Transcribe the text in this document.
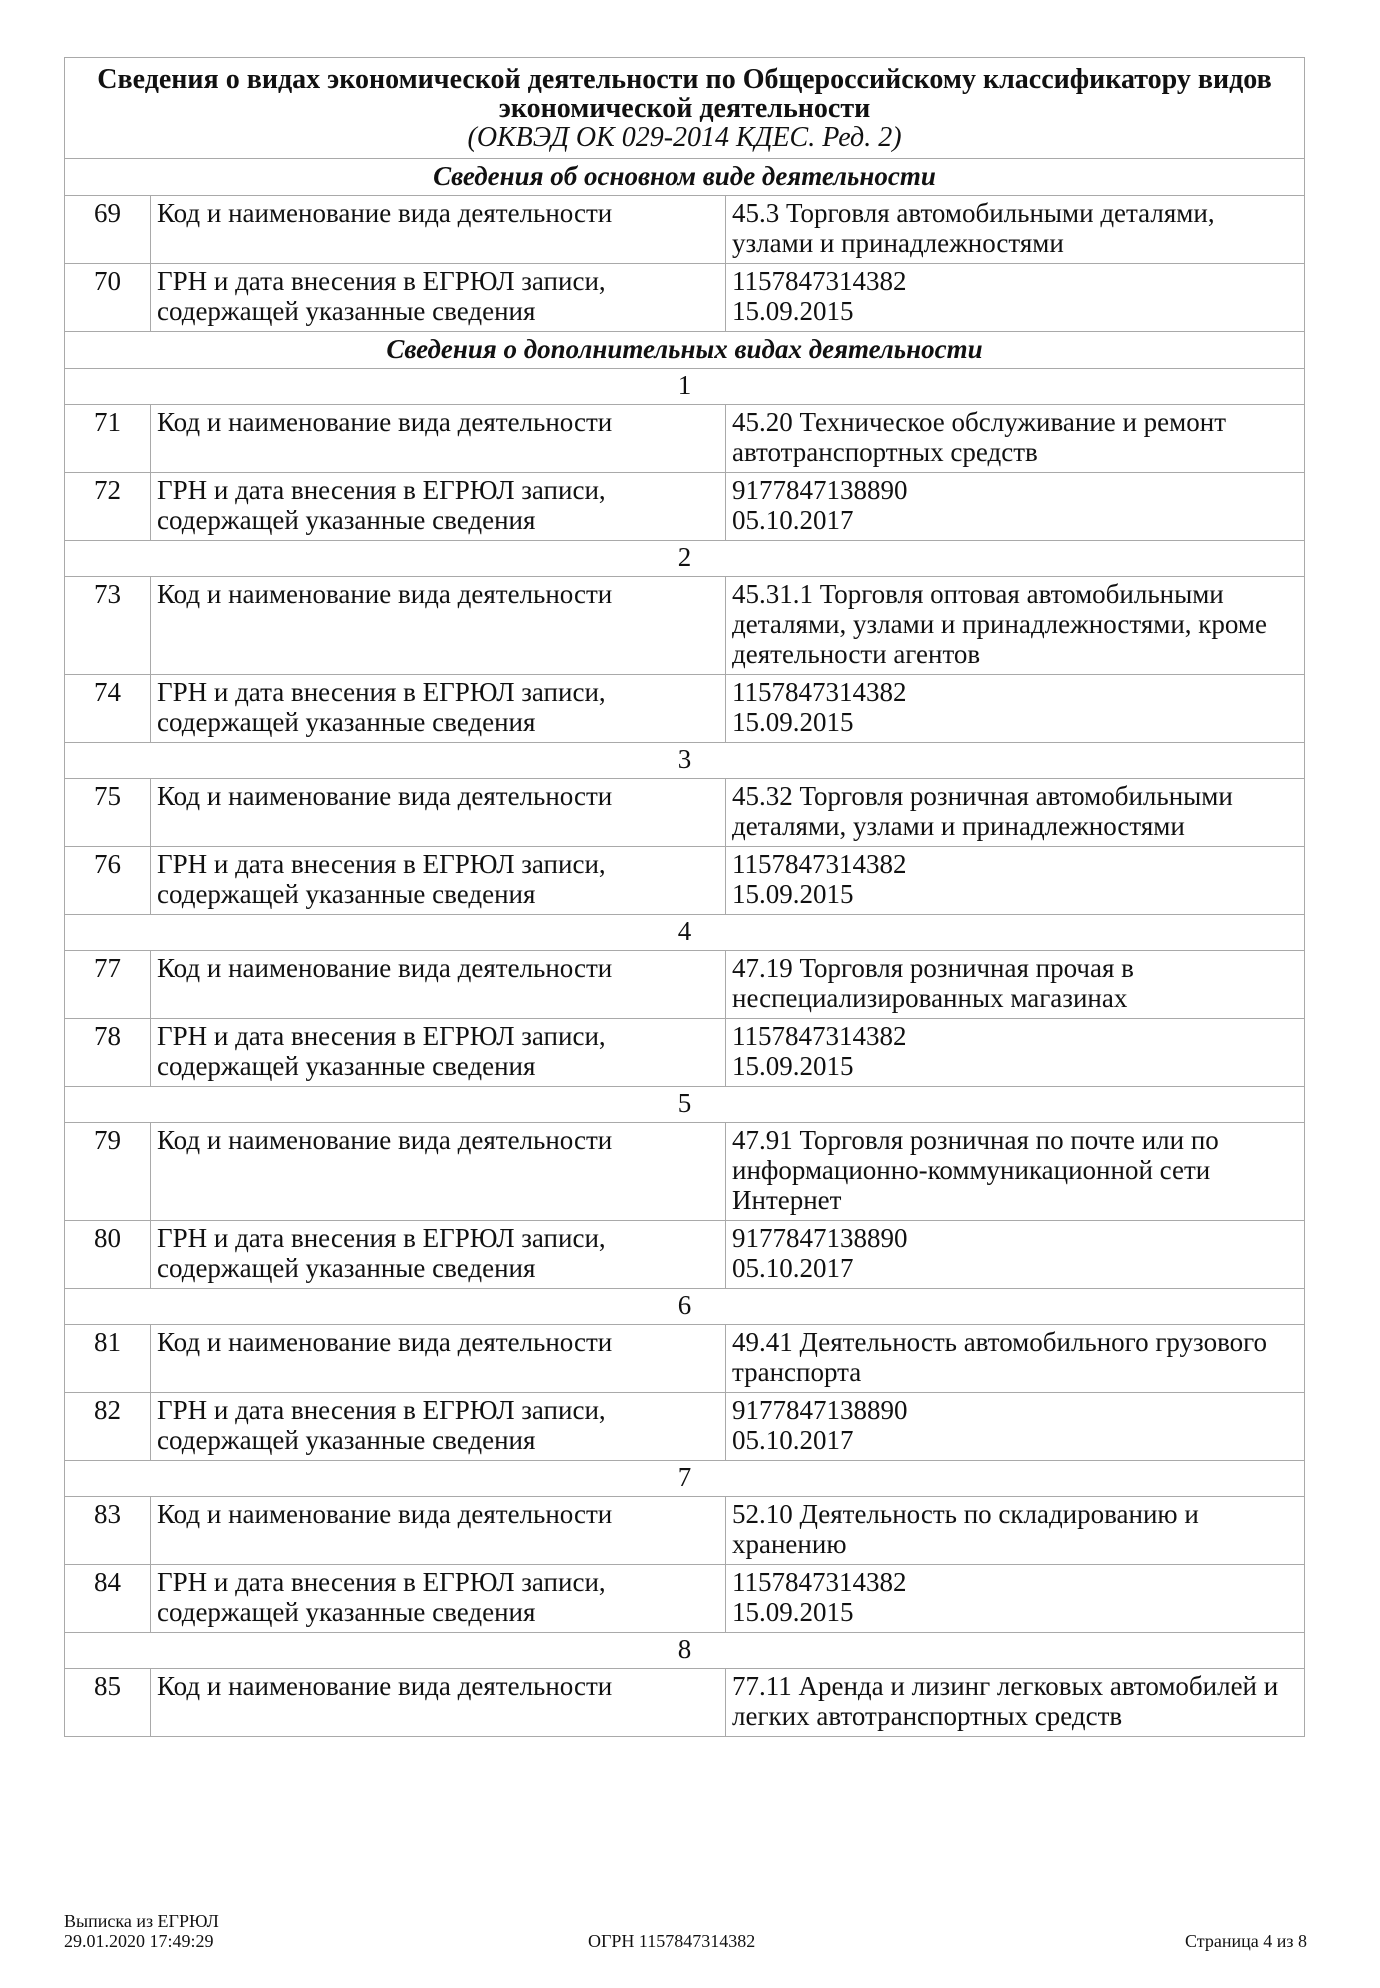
Сведения о видах экономической деятельности по Общероссийскому классификатору видов экономической деятельности
(ОКВЭД ОК 029-2014 КДЕС. Ред. 2)		

Сведения об основном виде деятельности		
69	Код и наименование вида деятельности	45.3 Торговля автомобильными деталями, узлами и принадлежностями
70	ГРН и дата внесения в ЕГРЮЛ записи, содержащей указанные сведения	1157847314382
15.09.2015
Сведения о дополнительных видах деятельности		
1		
71	Код и наименование вида деятельности	45.20 Техническое обслуживание и ремонт автотранспортных средств
72	ГРН и дата внесения в ЕГРЮЛ записи, содержащей указанные сведения	9177847138890
05.10.2017
2		
73	Код и наименование вида деятельности	45.31.1 Торговля оптовая автомобильными деталями, узлами и принадлежностями, кроме деятельности агентов
74	ГРН и дата внесения в ЕГРЮЛ записи, содержащей указанные сведения	1157847314382
15.09.2015
3		
75	Код и наименование вида деятельности	45.32 Торговля розничная автомобильными деталями, узлами и принадлежностями
76	ГРН и дата внесения в ЕГРЮЛ записи, содержащей указанные сведения	1157847314382
15.09.2015
4		
77	Код и наименование вида деятельности	47.19 Торговля розничная прочая в неспециализированных магазинах
78	ГРН и дата внесения в ЕГРЮЛ записи, содержащей указанные сведения	1157847314382
15.09.2015
5		
79	Код и наименование вида деятельности	47.91 Торговля розничная по почте или по информационно-коммуникационной сети Интернет
80	ГРН и дата внесения в ЕГРЮЛ записи, содержащей указанные сведения	9177847138890
05.10.2017
6		
81	Код и наименование вида деятельности	49.41 Деятельность автомобильного грузового транспорта
82	ГРН и дата внесения в ЕГРЮЛ записи, содержащей указанные сведения	9177847138890
05.10.2017
7		
83	Код и наименование вида деятельности	52.10 Деятельность по складированию и хранению
84	ГРН и дата внесения в ЕГРЮЛ записи, содержащей указанные сведения	1157847314382
15.09.2015
8		
85	Код и наименование вида деятельности	77.11 Аренда и лизинг легковых автомобилей и легких автотранспортных средств
Выписка из ЕГРЮЛ
29.01.2020 17:49:29	ОГРН 1157847314382	Страница 4 из 8
